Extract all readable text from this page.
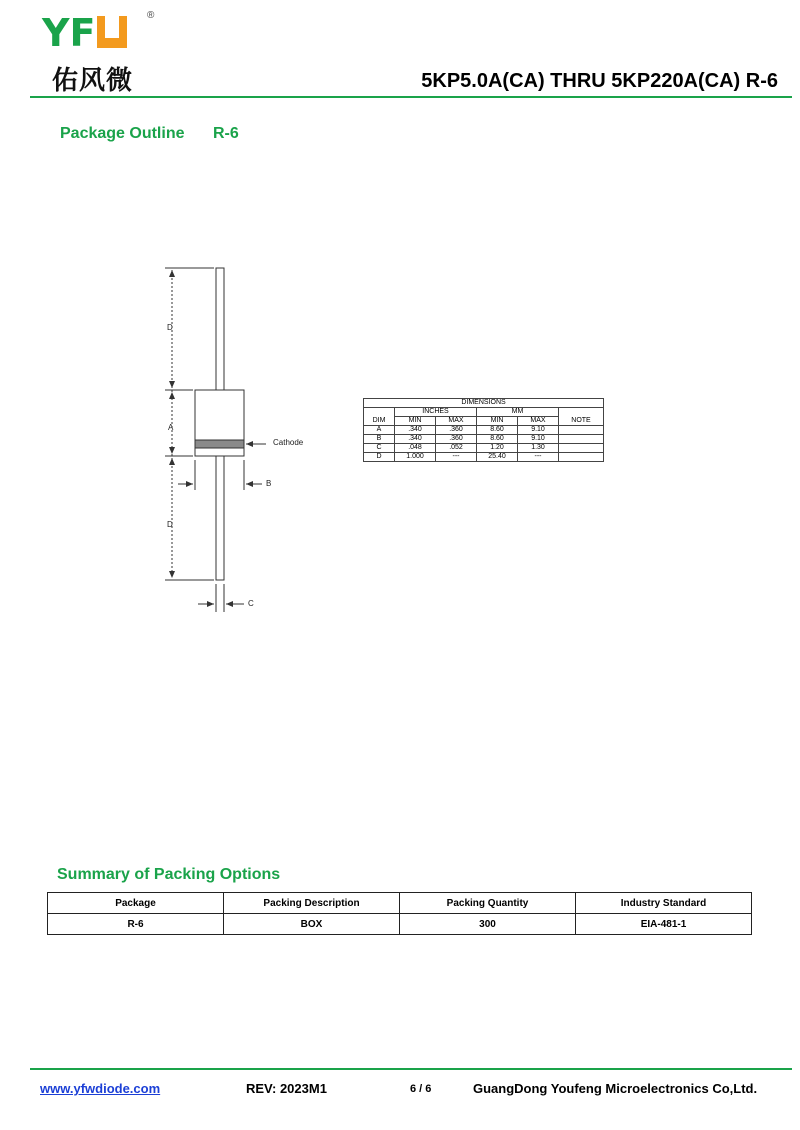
YF	®
佑风微	5KP5.0A(CA) THRU 5KP220A(CA) R-6
Package Outline R-6
D
A
B
D
C
Cathode
DIMENSIONS					
	INCHES		MM		
DIM	MIN	MAX	MIN	MAX	NOTE
A	.340	.360	8.60	9.10	
B	.340	.360	8.60	9.10	
C	.048	.052	1.20	1.30	
D	1.000	---	25.40	---	
Summary of Packing Options
Package	Packing Description	Packing Quantity	Industry Standard
R-6	BOX	300	EIA-481-1
www.yfwdiode.com	REV: 2023M1	6 / 6	GuangDong Youfeng Microelectronics Co,Ltd.
